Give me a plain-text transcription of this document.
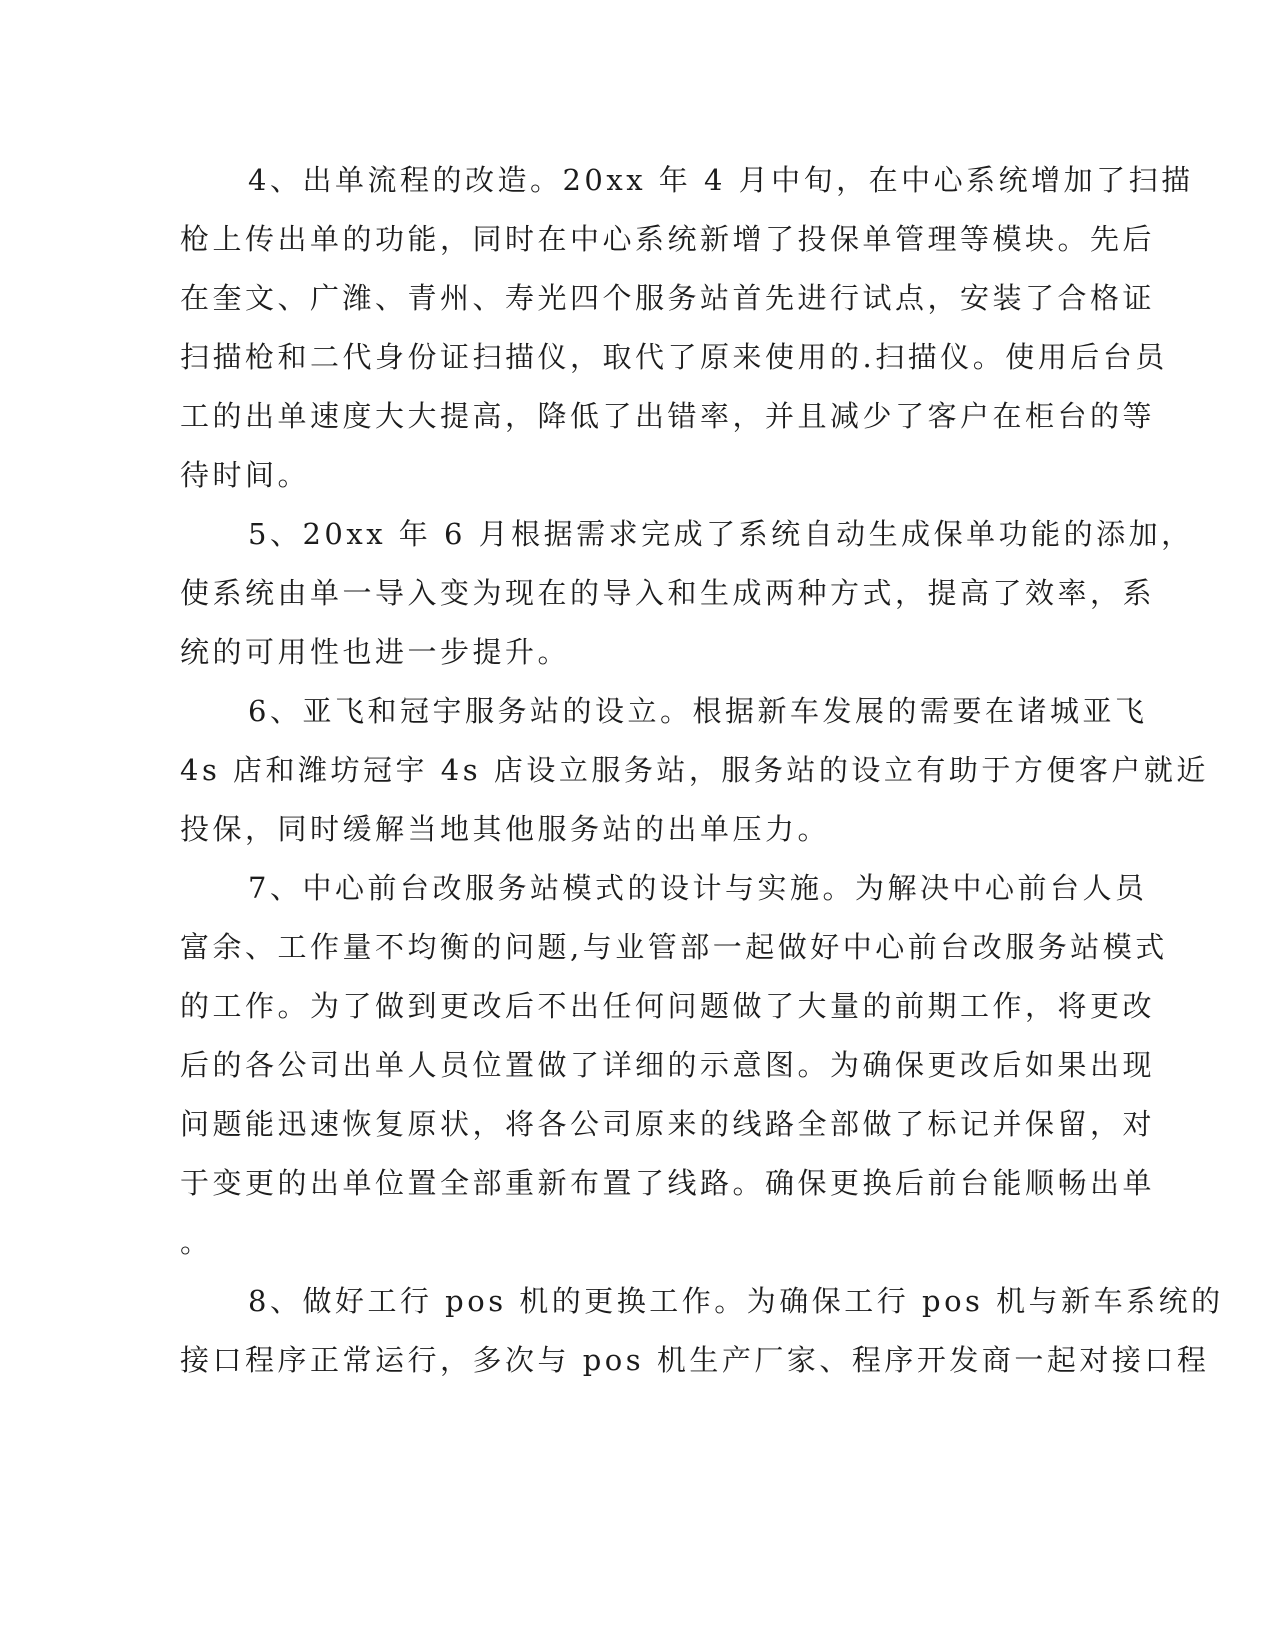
4、出单流程的改造。20xx 年 4 月中旬，在中心系统增加了扫描
枪上传出单的功能，同时在中心系统新增了投保单管理等模块。先后
在奎文、广潍、青州、寿光四个服务站首先进行试点，安装了合格证
扫描枪和二代身份证扫描仪，取代了原来使用的.扫描仪。使用后台员
工的出单速度大大提高，降低了出错率，并且减少了客户在柜台的等
待时间。
5、20xx 年 6 月根据需求完成了系统自动生成保单功能的添加，
使系统由单一导入变为现在的导入和生成两种方式，提高了效率，系
统的可用性也进一步提升。
6、亚飞和冠宇服务站的设立。根据新车发展的需要在诸城亚飞
4s 店和潍坊冠宇 4s 店设立服务站，服务站的设立有助于方便客户就近
投保，同时缓解当地其他服务站的出单压力。
7、中心前台改服务站模式的设计与实施。为解决中心前台人员
富余、工作量不均衡的问题,与业管部一起做好中心前台改服务站模式
的工作。为了做到更改后不出任何问题做了大量的前期工作，将更改
后的各公司出单人员位置做了详细的示意图。为确保更改后如果出现
问题能迅速恢复原状，将各公司原来的线路全部做了标记并保留，对
于变更的出单位置全部重新布置了线路。确保更换后前台能顺畅出单
。
8、做好工行 pos 机的更换工作。为确保工行 pos 机与新车系统的
接口程序正常运行，多次与 pos 机生产厂家、程序开发商一起对接口程
